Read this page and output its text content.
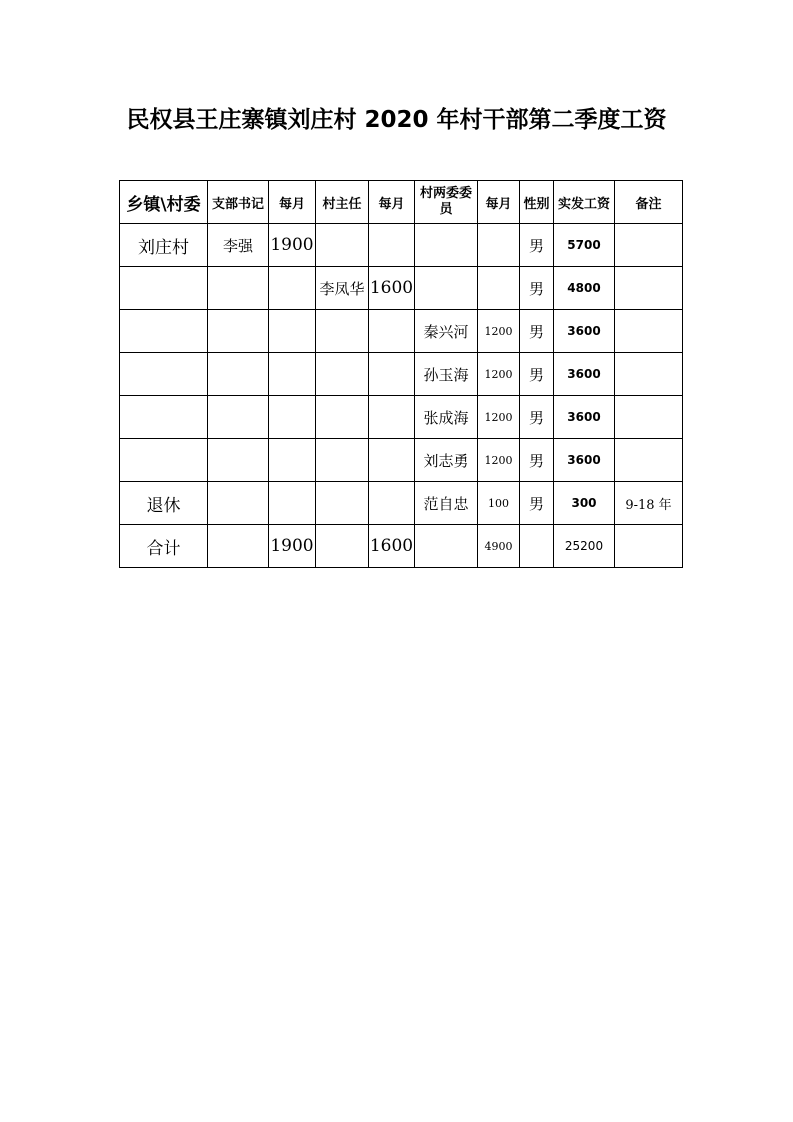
民权县王庄寨镇刘庄村 2020 年村干部第二季度工资
乡镇\村委	支部书记	每月	村主任	每月	村两委委员	每月	性别	实发工资	备注
刘庄村	李强	1900					男	5700	
			李凤华	1600			男	4800	
					秦兴河	1200	男	3600	
					孙玉海	1200	男	3600	
					张成海	1200	男	3600	
					刘志勇	1200	男	3600	
退休					范自忠	100	男	300	9-18 年
合计		1900		1600		4900		25200	
